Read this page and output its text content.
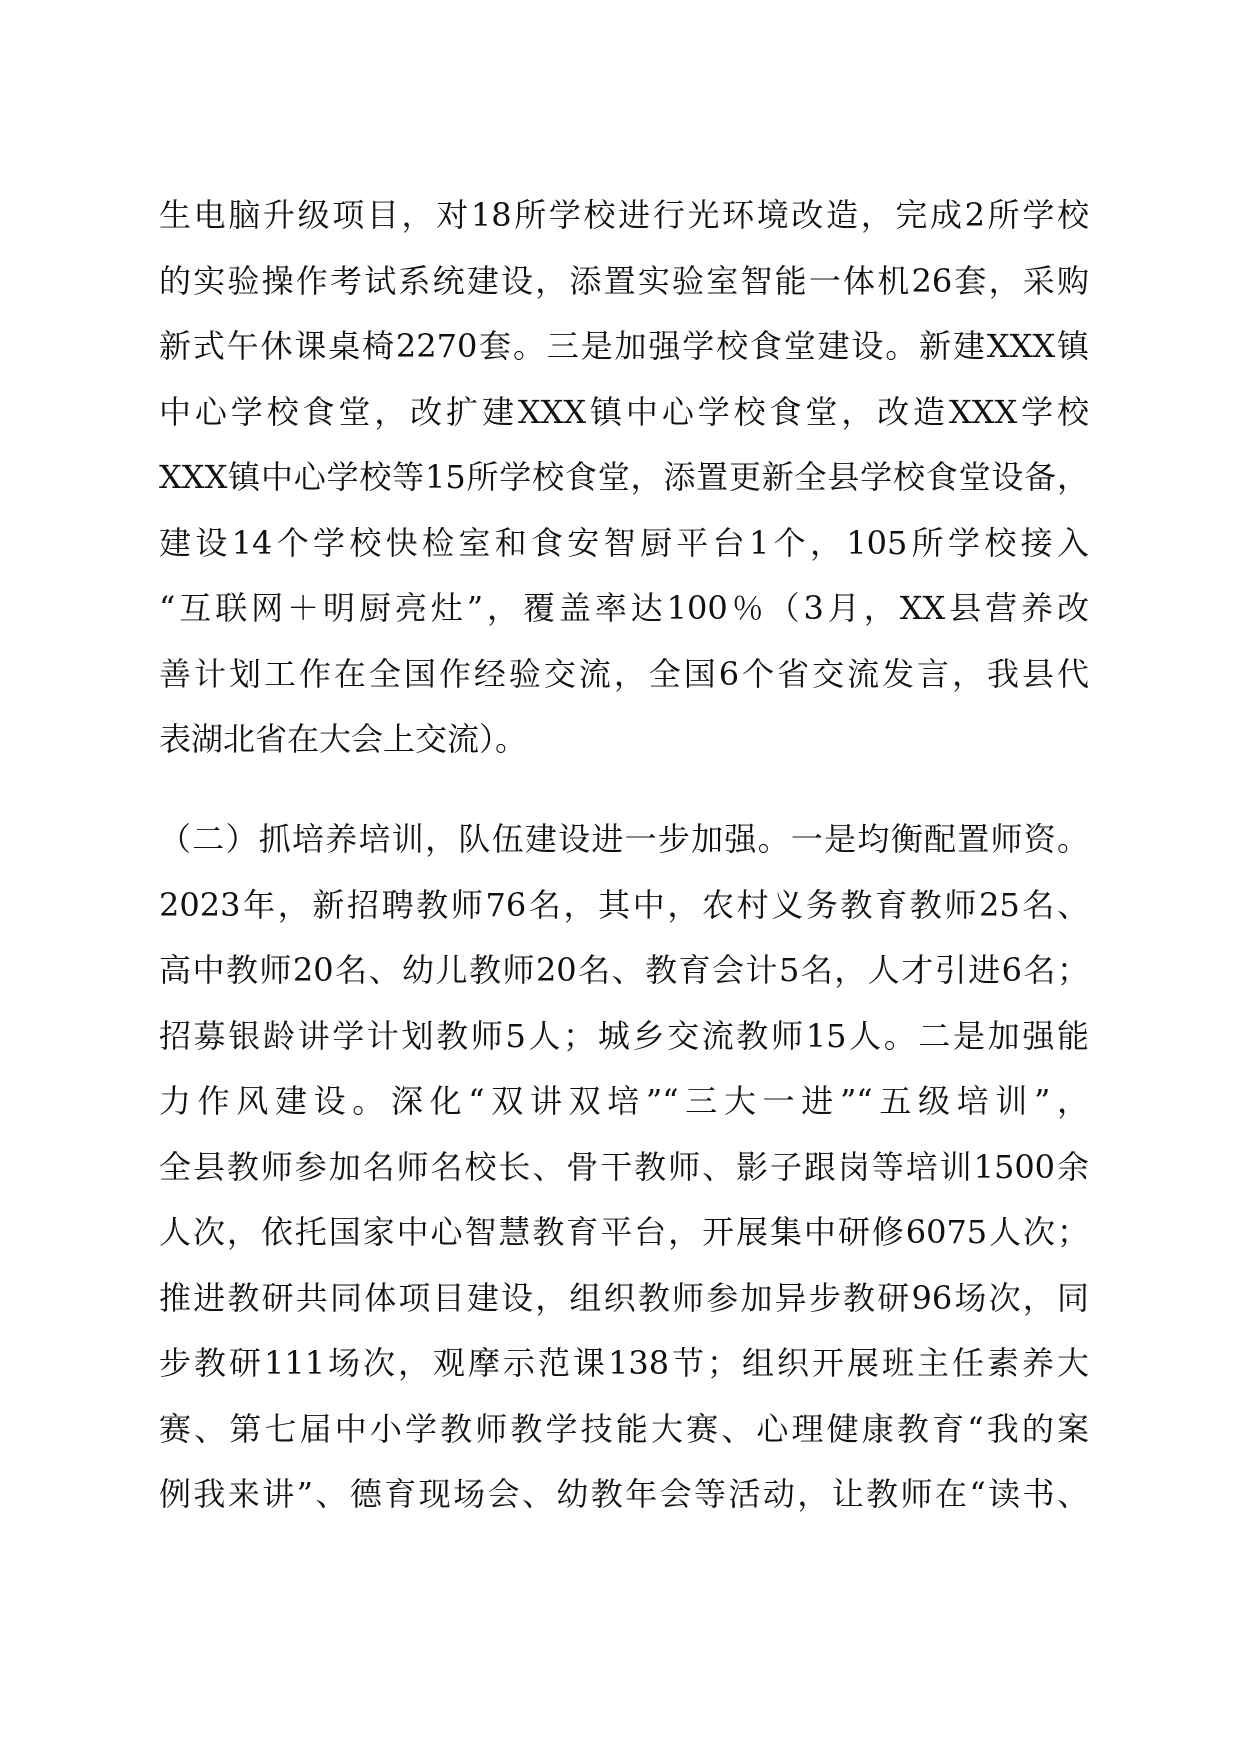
生电脑升级项目，对18所学校进行光环境改造，完成2所学校
的实验操作考试系统建设，添置实验室智能一体机26套，采购
新式午休课桌椅2270套。三是加强学校食堂建设。新建XXX镇
中心学校食堂，改扩建XXX镇中心学校食堂，改造XXX学校
XXX镇中心学校等15所学校食堂，添置更新全县学校食堂设备，
建设14个学校快检室和食安智厨平台1个，105所学校接入
“互联网＋明厨亮灶”，覆盖率达100％（3月，XX县营养改
善计划工作在全国作经验交流，全国6个省交流发言，我县代
表湖北省在大会上交流）。
（二）抓培养培训，队伍建设进一步加强。一是均衡配置师资。
2023年，新招聘教师76名，其中，农村义务教育教师25名、
高中教师20名、幼儿教师20名、教育会计5名，人才引进6名；
招募银龄讲学计划教师5人；城乡交流教师15人。二是加强能
力作风建设。深化“双讲双培”“三大一进”“五级培训”，
全县教师参加名师名校长、骨干教师、影子跟岗等培训1500余
人次，依托国家中心智慧教育平台，开展集中研修6075人次；
推进教研共同体项目建设，组织教师参加异步教研96场次，同
步教研111场次，观摩示范课138节；组织开展班主任素养大
赛、第七届中小学教师教学技能大赛、心理健康教育“我的案
例我来讲”、德育现场会、幼教年会等活动，让教师在“读书、
